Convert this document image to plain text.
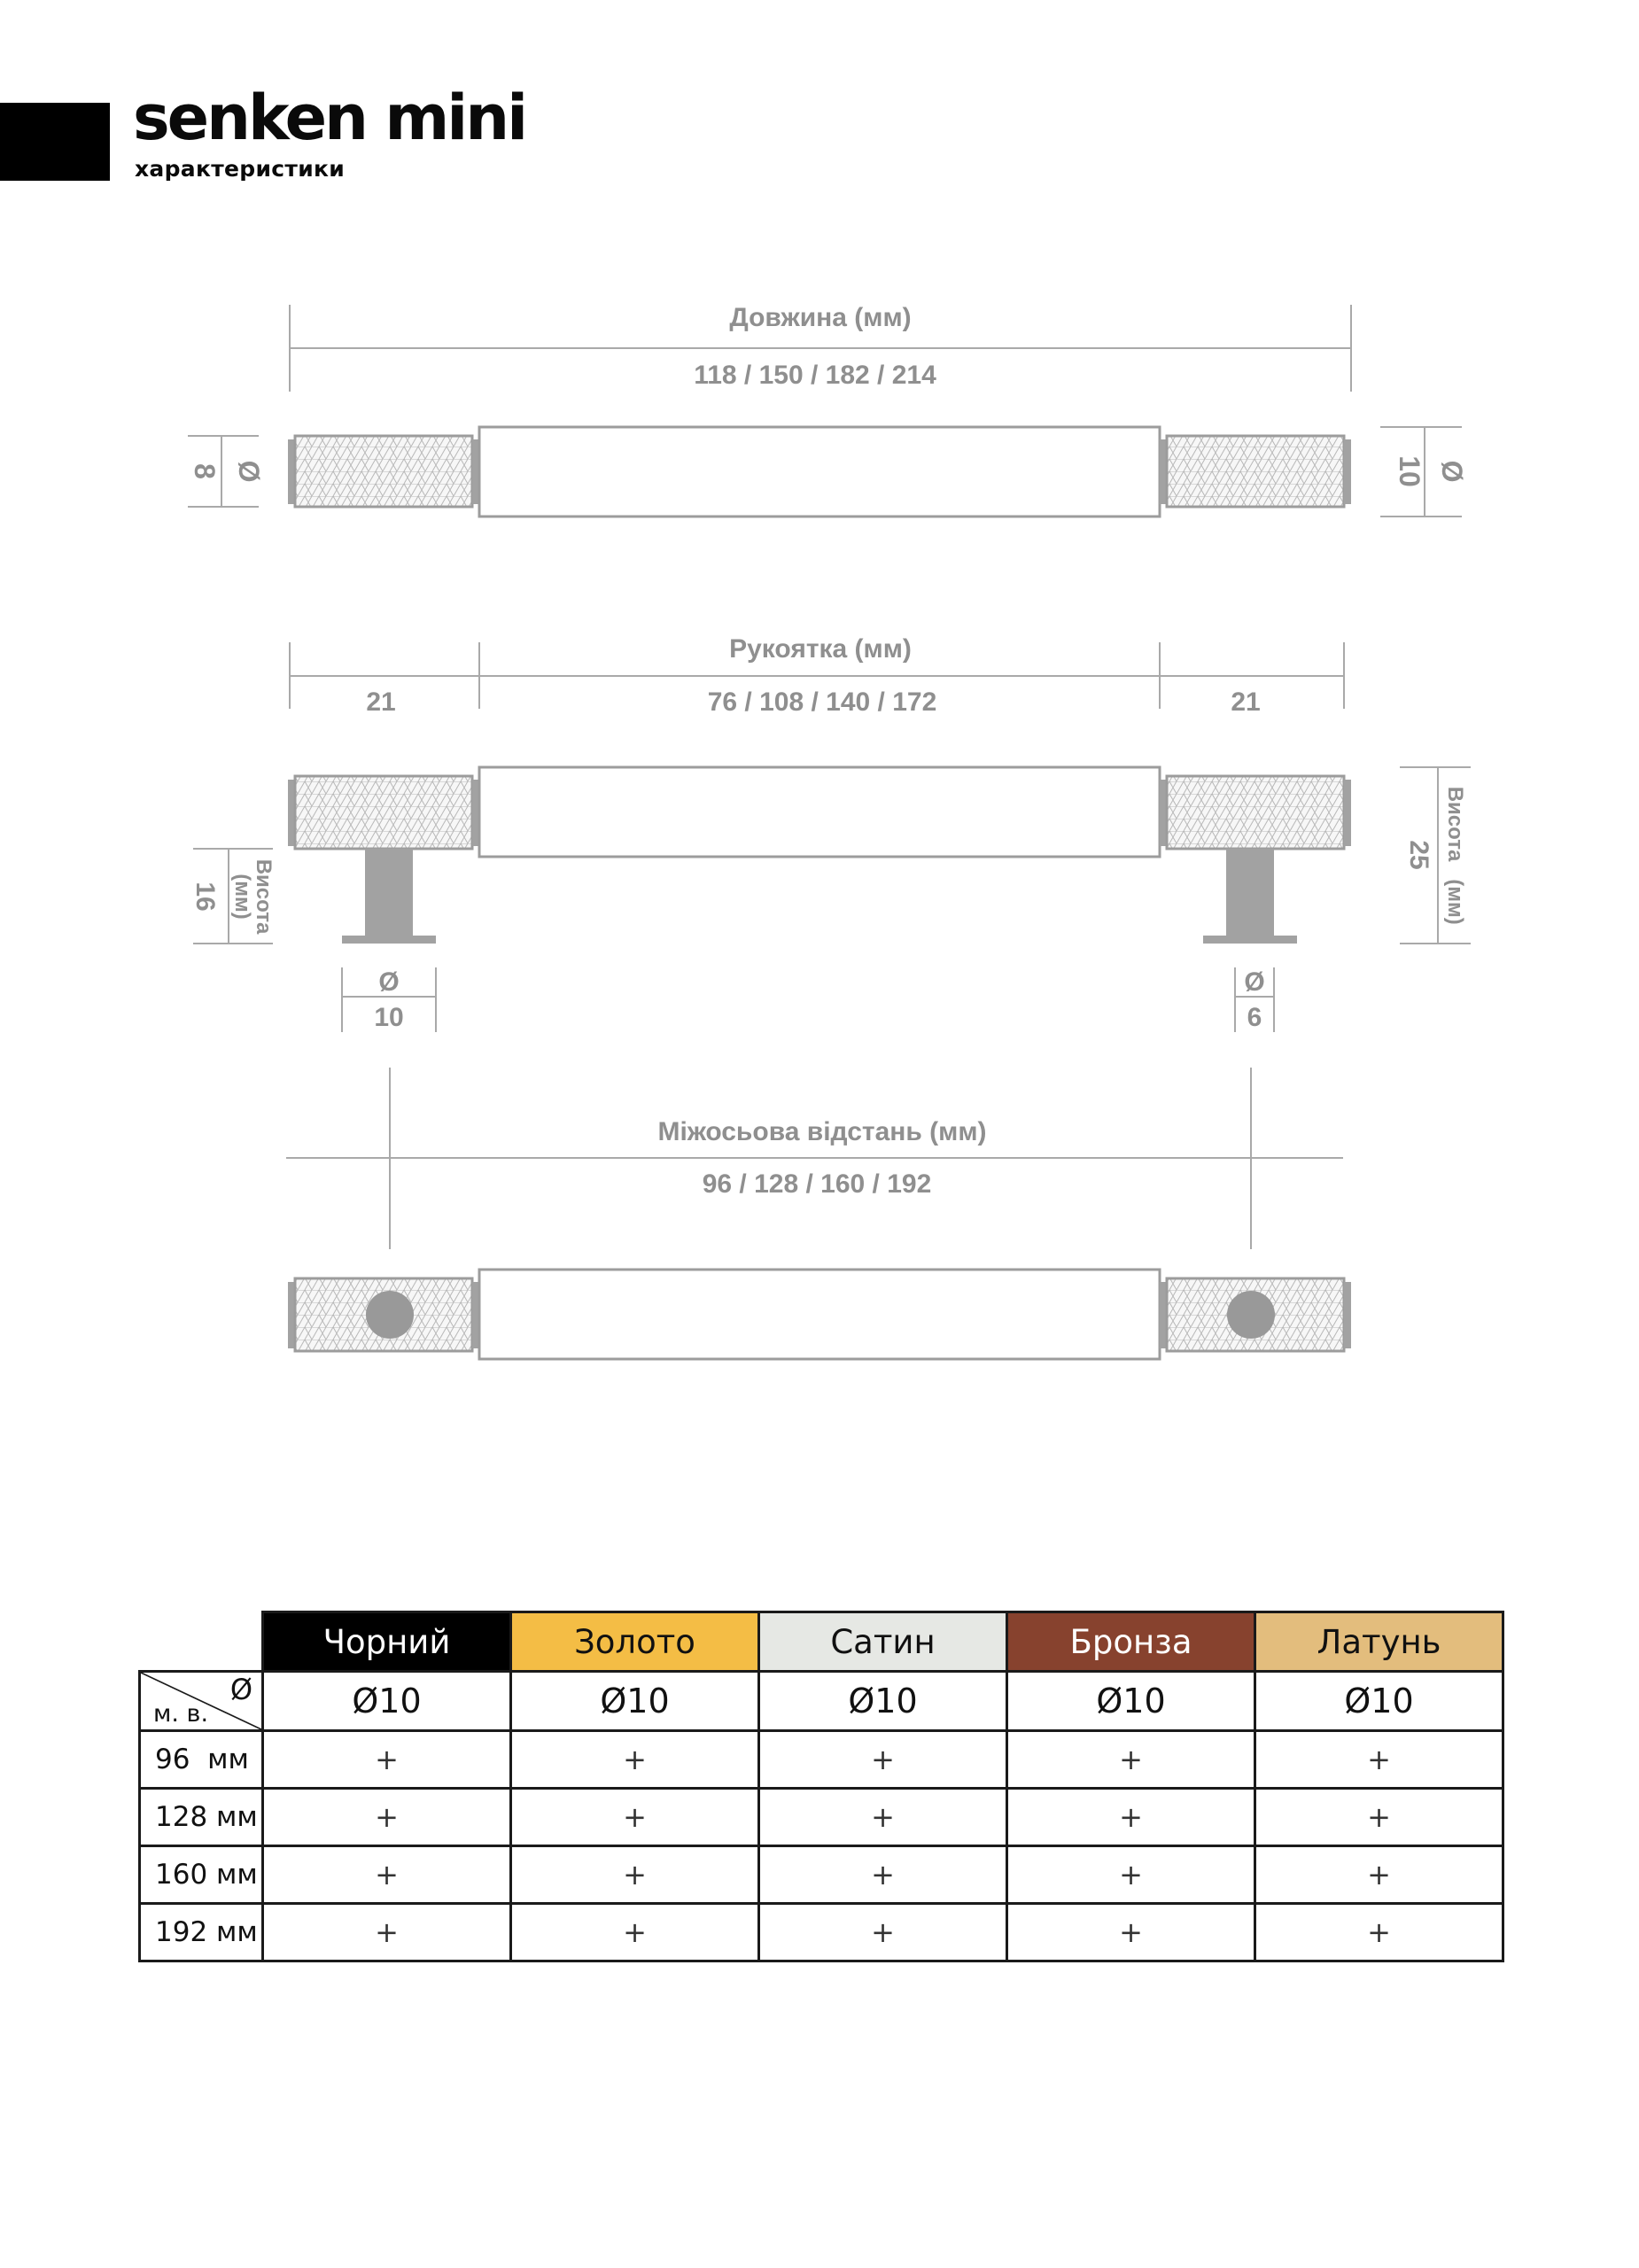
senken mini
характеристики
Довжина (мм)
118 / 150 / 182 / 214
Ø
8	10 Ø
Рукоятка (мм)
21	76 / 108 / 140 / 172	21
16 Висота
(мм)
25 Висота
(мм)
Ø
10
Ø
6
Міжосьова відстань (мм)
96 / 128 / 160 / 192
	Чорний	Золото	Сатин	Бронза	Латунь

Ø
м. в.	Ø10	Ø10	Ø10	Ø10	Ø10
96  мм	+	+	+	+	+
128 мм	+	+	+	+	+
160 мм	+	+	+	+	+
192 мм	+	+	+	+	+
